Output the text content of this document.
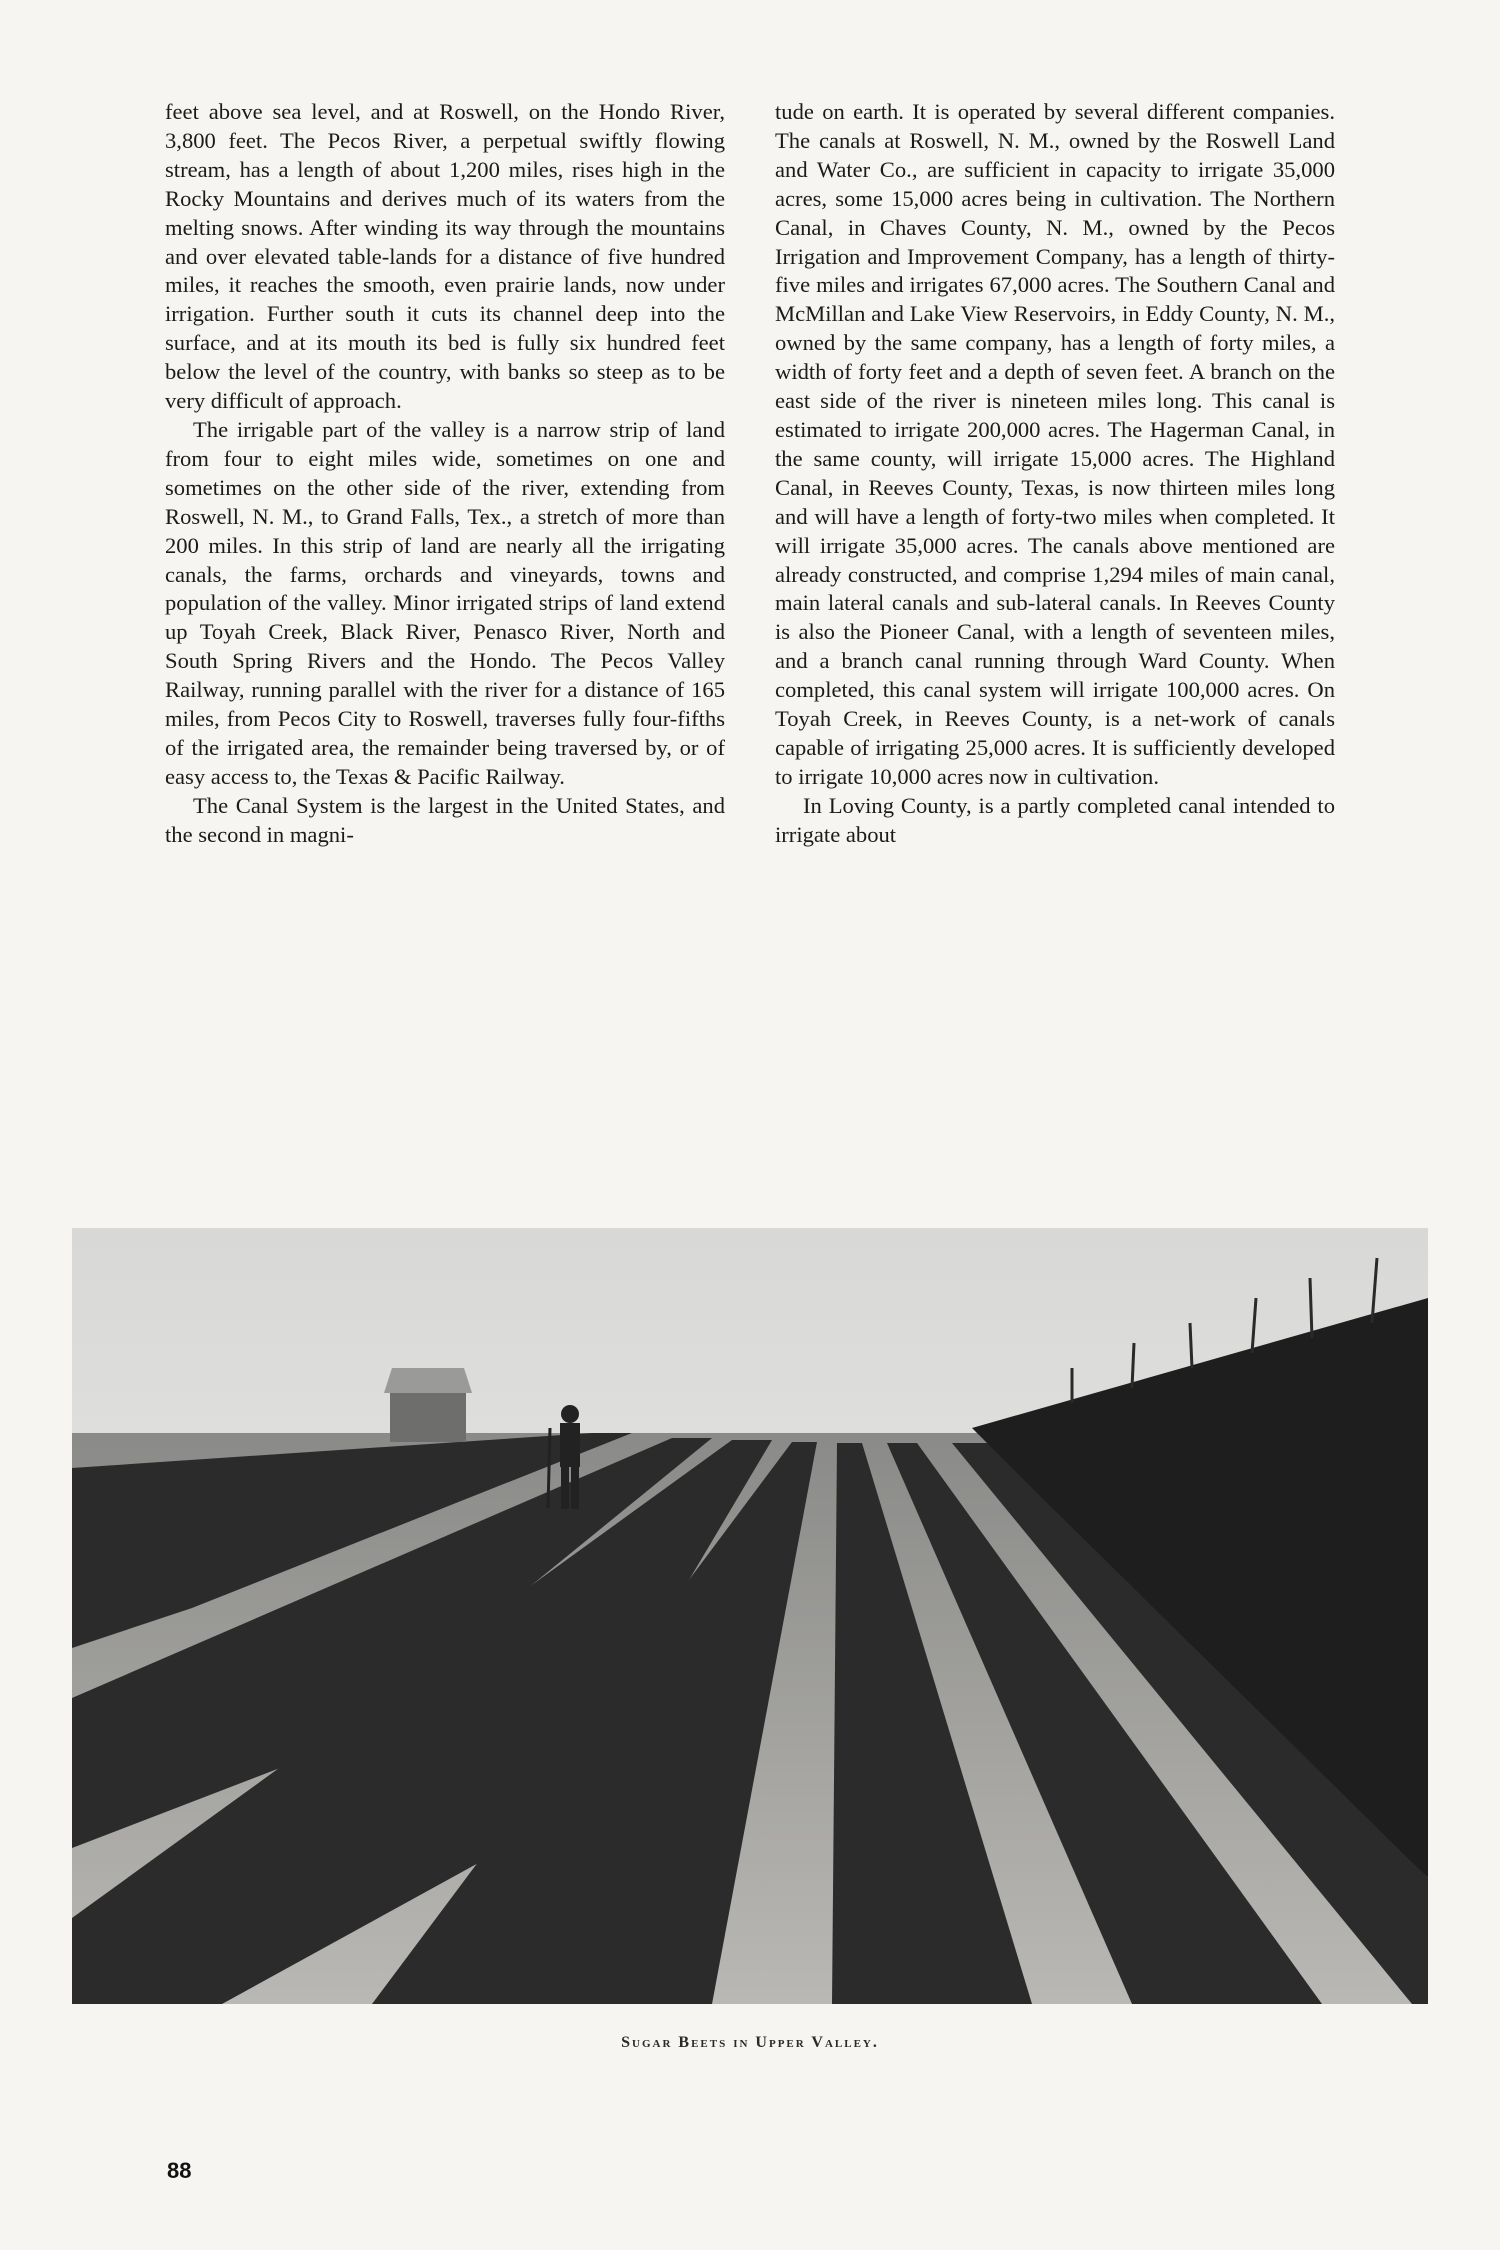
feet above sea level, and at Roswell, on the Hondo River, 3,800 feet. The Pecos River, a perpetual swiftly flowing stream, has a length of about 1,200 miles, rises high in the Rocky Mountains and derives much of its waters from the melting snows. After winding its way through the mountains and over elevated table-lands for a distance of five hundred miles, it reaches the smooth, even prairie lands, now under irrigation. Further south it cuts its channel deep into the surface, and at its mouth its bed is fully six hundred feet below the level of the country, with banks so steep as to be very difficult of approach.

The irrigable part of the valley is a narrow strip of land from four to eight miles wide, sometimes on one and sometimes on the other side of the river, extending from Roswell, N. M., to Grand Falls, Tex., a stretch of more than 200 miles. In this strip of land are nearly all the irrigating canals, the farms, orchards and vineyards, towns and population of the valley. Minor irrigated strips of land extend up Toyah Creek, Black River, Penasco River, North and South Spring Rivers and the Hondo. The Pecos Valley Railway, running parallel with the river for a distance of 165 miles, from Pecos City to Roswell, traverses fully four-fifths of the irrigated area, the remainder being traversed by, or of easy access to, the Texas & Pacific Railway.

The Canal System is the largest in the United States, and the second in magni-

tude on earth. It is operated by several different companies. The canals at Roswell, N. M., owned by the Roswell Land and Water Co., are sufficient in capacity to irrigate 35,000 acres, some 15,000 acres being in cultivation. The Northern Canal, in Chaves County, N. M., owned by the Pecos Irrigation and Improvement Company, has a length of thirty-five miles and irrigates 67,000 acres. The Southern Canal and McMillan and Lake View Reservoirs, in Eddy County, N. M., owned by the same company, has a length of forty miles, a width of forty feet and a depth of seven feet. A branch on the east side of the river is nineteen miles long. This canal is estimated to irrigate 200,000 acres. The Hagerman Canal, in the same county, will irrigate 15,000 acres. The Highland Canal, in Reeves County, Texas, is now thirteen miles long and will have a length of forty-two miles when completed. It will irrigate 35,000 acres. The canals above mentioned are already constructed, and comprise 1,294 miles of main canal, main lateral canals and sub-lateral canals. In Reeves County is also the Pioneer Canal, with a length of seventeen miles, and a branch canal running through Ward County. When completed, this canal system will irrigate 100,000 acres. On Toyah Creek, in Reeves County, is a net-work of canals capable of irrigating 25,000 acres. It is sufficiently developed to irrigate 10,000 acres now in cultivation.

In Loving County, is a partly completed canal intended to irrigate about

Sugar Beets in Upper Valley.
88
